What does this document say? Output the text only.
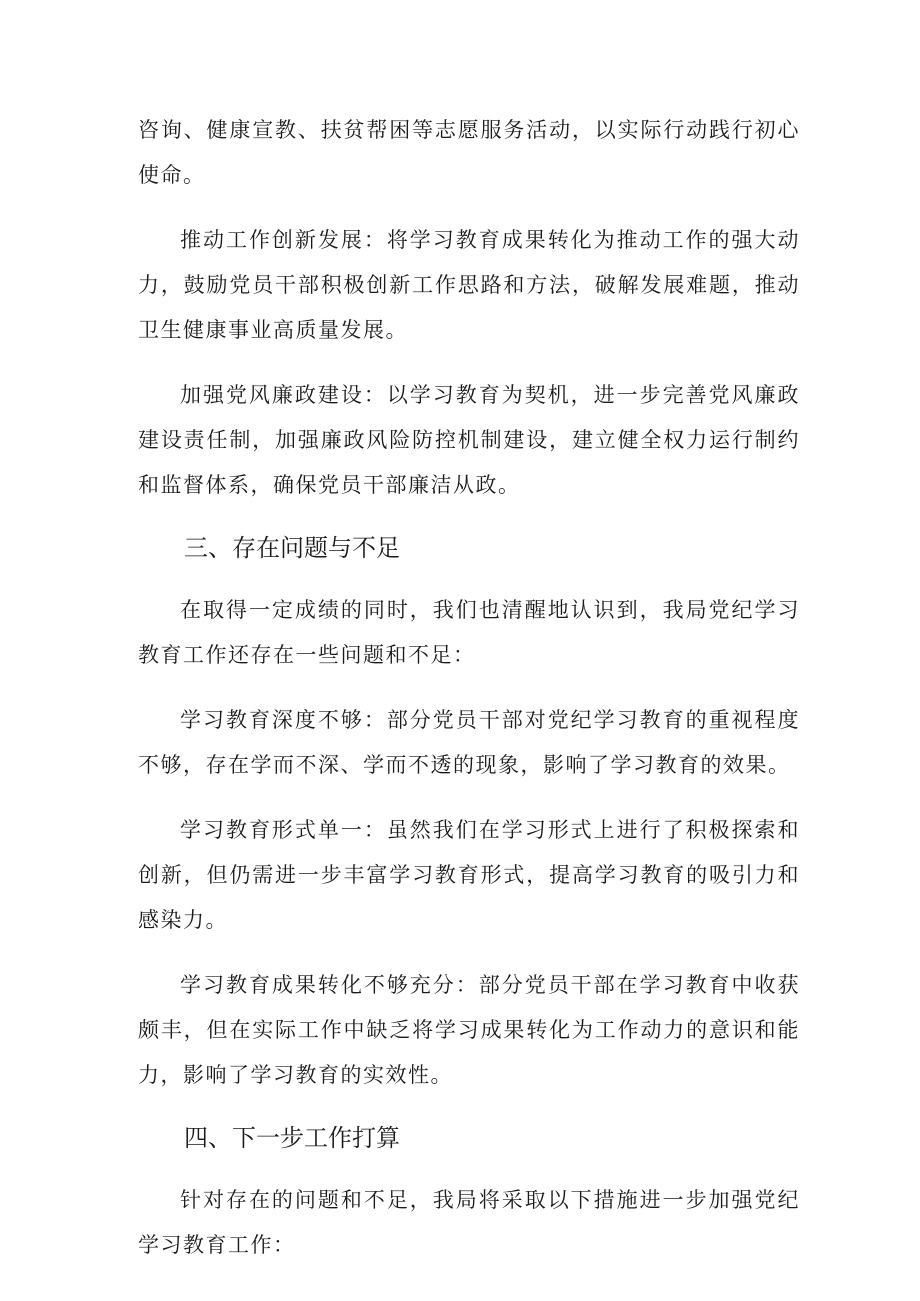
咨询、健康宣教、扶贫帮困等志愿服务活动，以实际行动践行初心使命。

推动工作创新发展：将学习教育成果转化为推动工作的强大动力，鼓励党员干部积极创新工作思路和方法，破解发展难题，推动卫生健康事业高质量发展。

加强党风廉政建设：以学习教育为契机，进一步完善党风廉政建设责任制，加强廉政风险防控机制建设，建立健全权力运行制约和监督体系，确保党员干部廉洁从政。

三、存在问题与不足

在取得一定成绩的同时，我们也清醒地认识到，我局党纪学习教育工作还存在一些问题和不足：

学习教育深度不够：部分党员干部对党纪学习教育的重视程度不够，存在学而不深、学而不透的现象，影响了学习教育的效果。

学习教育形式单一：虽然我们在学习形式上进行了积极探索和创新，但仍需进一步丰富学习教育形式，提高学习教育的吸引力和感染力。

学习教育成果转化不够充分：部分党员干部在学习教育中收获颇丰，但在实际工作中缺乏将学习成果转化为工作动力的意识和能力，影响了学习教育的实效性。

四、下一步工作打算

针对存在的问题和不足，我局将采取以下措施进一步加强党纪学习教育工作：
